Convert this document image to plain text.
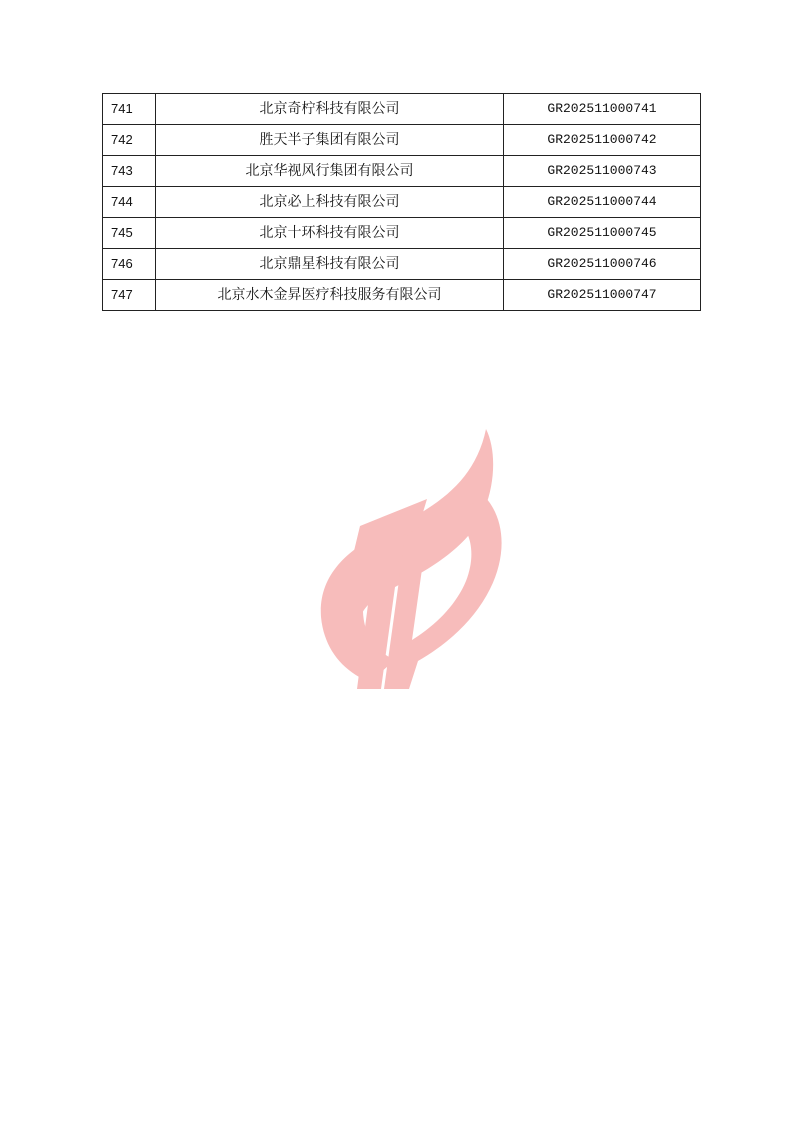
741	北京奇柠科技有限公司	GR202511000741
742	胜天半子集团有限公司	GR202511000742
743	北京华视风行集团有限公司	GR202511000743
744	北京必上科技有限公司	GR202511000744
745	北京十环科技有限公司	GR202511000745
746	北京鼎星科技有限公司	GR202511000746
747	北京水木金昇医疗科技服务有限公司	GR202511000747
